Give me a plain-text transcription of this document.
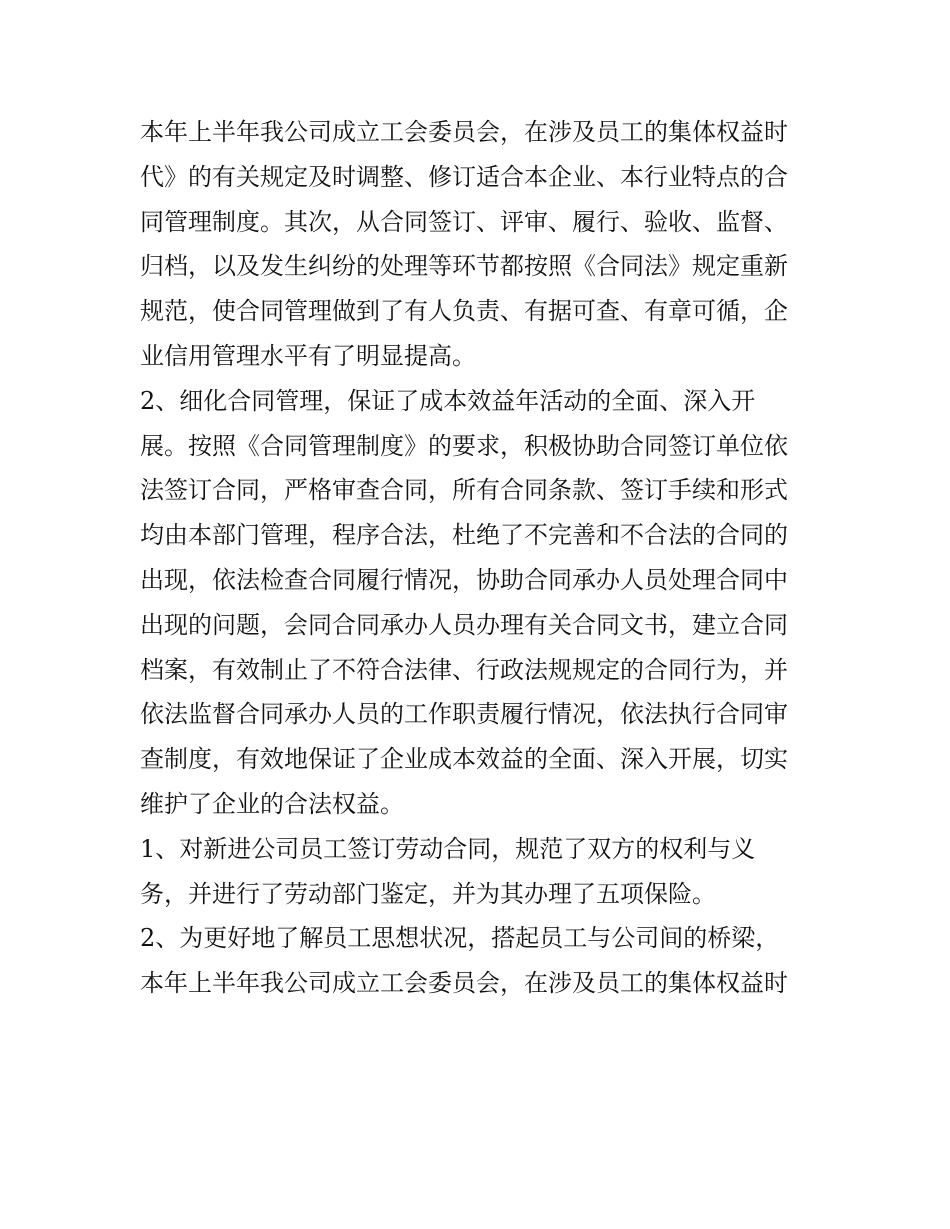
本年上半年我公司成立工会委员会，在涉及员工的集体权益时
代》的有关规定及时调整、修订适合本企业、本行业特点的合
同管理制度。其次，从合同签订、评审、履行、验收、监督、
归档，以及发生纠纷的处理等环节都按照《合同法》规定重新
规范，使合同管理做到了有人负责、有据可查、有章可循，企
业信用管理水平有了明显提高。
2、细化合同管理，保证了成本效益年活动的全面、深入开
展。按照《合同管理制度》的要求，积极协助合同签订单位依
法签订合同，严格审查合同，所有合同条款、签订手续和形式
均由本部门管理，程序合法，杜绝了不完善和不合法的合同的
出现，依法检查合同履行情况，协助合同承办人员处理合同中
出现的问题，会同合同承办人员办理有关合同文书，建立合同
档案，有效制止了不符合法律、行政法规规定的合同行为，并
依法监督合同承办人员的工作职责履行情况，依法执行合同审
查制度，有效地保证了企业成本效益的全面、深入开展，切实
维护了企业的合法权益。
1、对新进公司员工签订劳动合同，规范了双方的权利与义
务，并进行了劳动部门鉴定，并为其办理了五项保险。
2、为更好地了解员工思想状况，搭起员工与公司间的桥梁，
本年上半年我公司成立工会委员会，在涉及员工的集体权益时
